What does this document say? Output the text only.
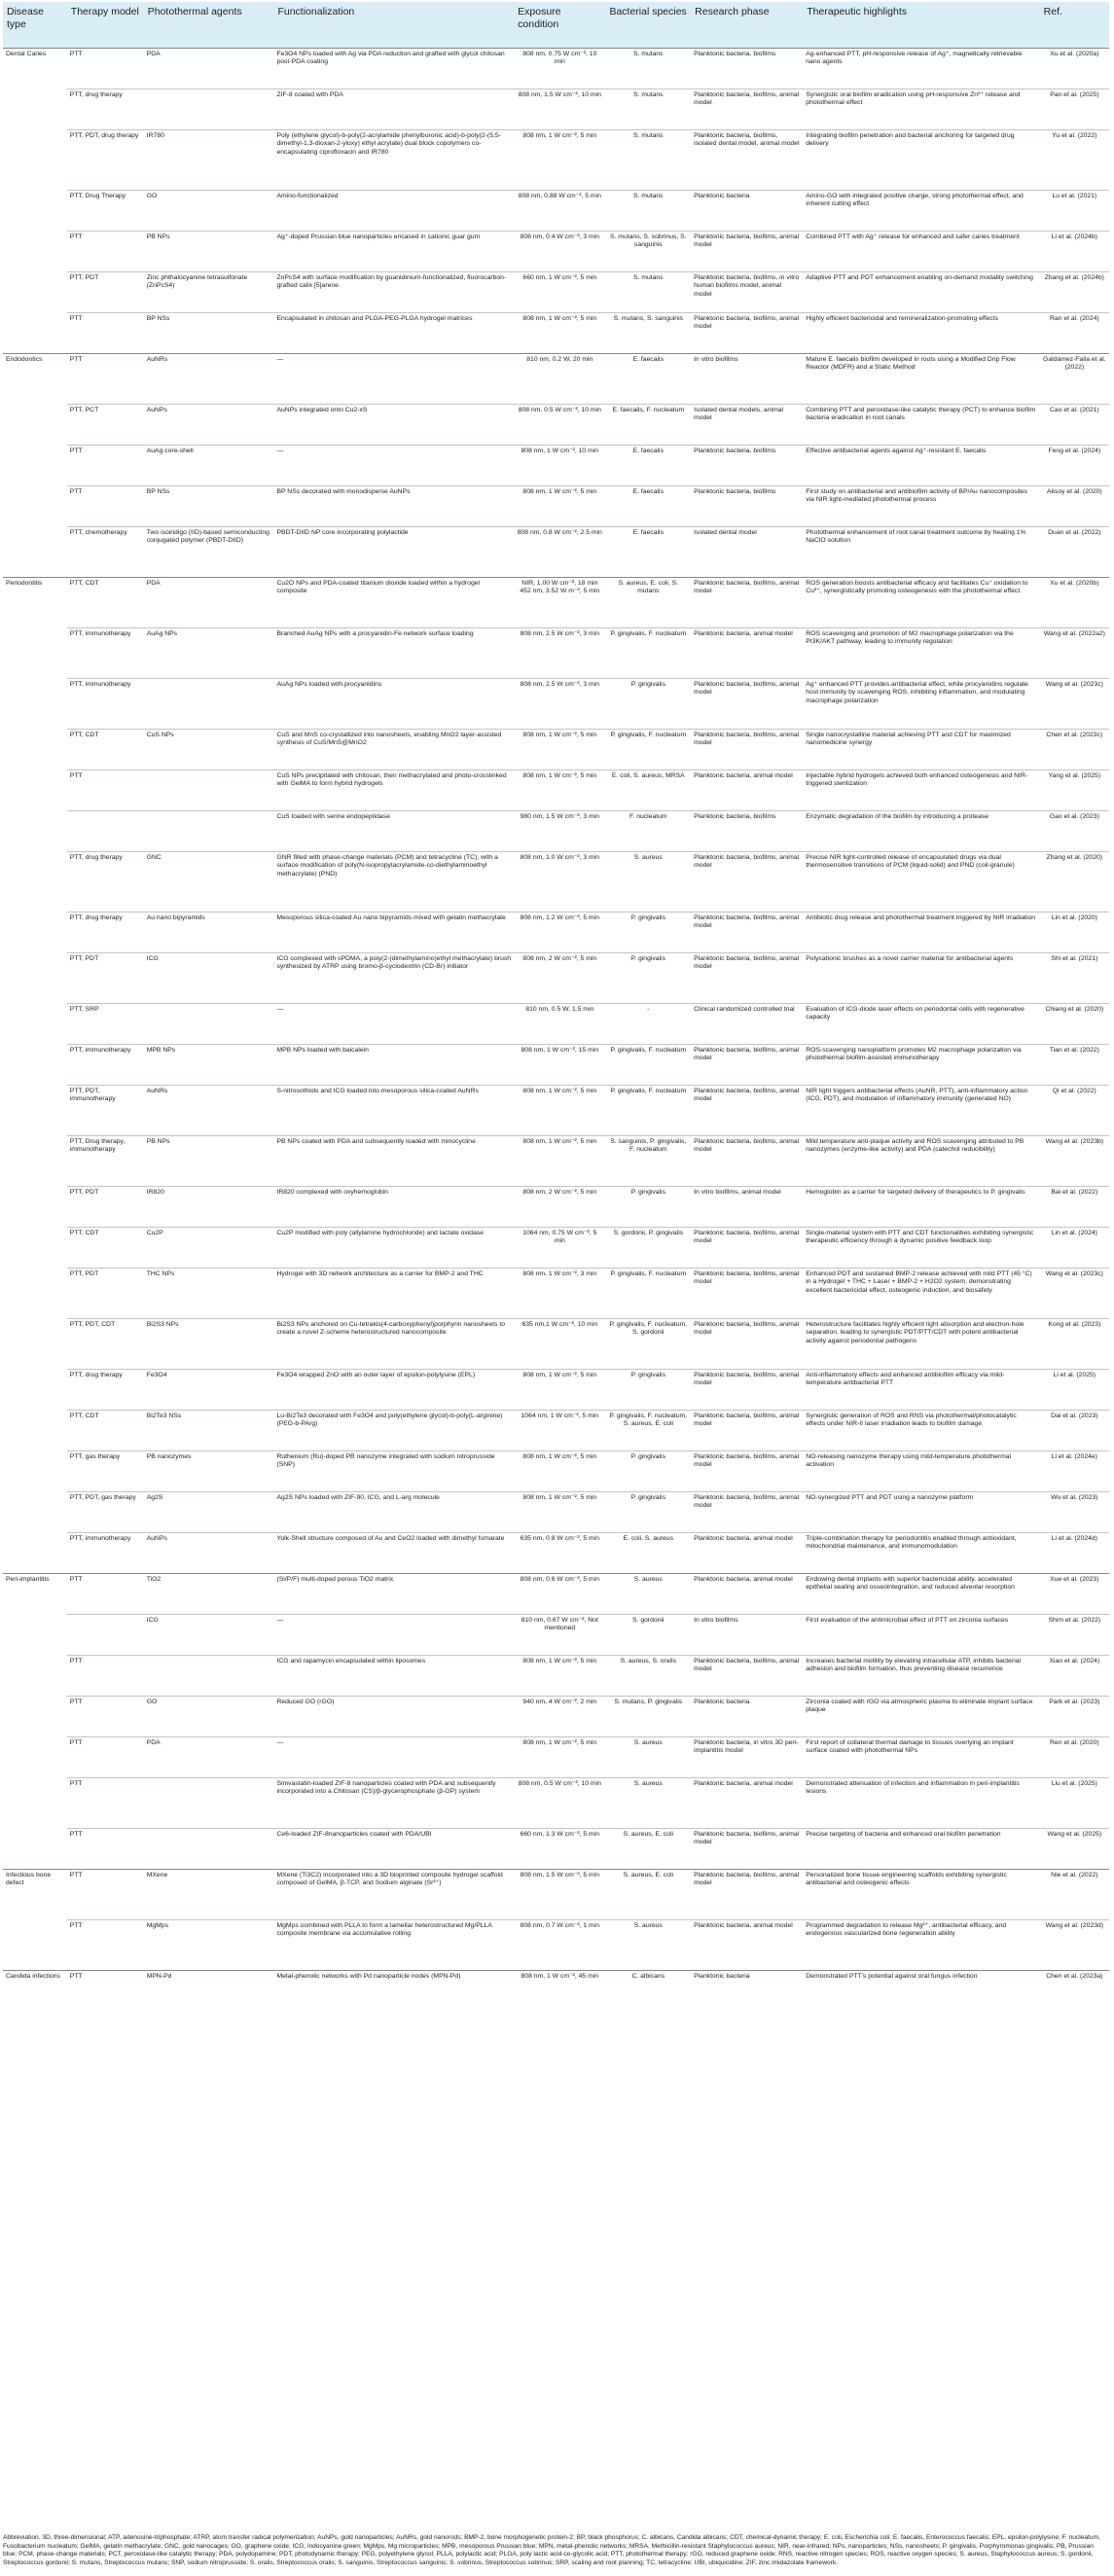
Disease type	Therapy model	Photothermal agents	Functionalization	Exposure condition	Bacterial species	Research phase	Therapeutic highlights	Ref.
Dental Caries	PTT	PDA	Fe3O4 NPs loaded with Ag via PDA reduction and grafted with glycol chitosan post-PDA coating	808 nm, 0.75 W cm⁻², 10 min	S. mutans	Planktonic bacteria, biofilms	Ag-enhanced PTT, pH-responsive release of Ag⁺, magnetically retrievable nano agents	Xu et al. (2020a)
	PTT, drug therapy		ZIF-8 coated with PDA	808 nm, 1.5 W cm⁻², 10 min	S. mutans	Planktonic bacteria, biofilms, animal model	Synergistic oral biofilm eradication using pH-responsive Zn²⁺ release and photothermal effect	Pan et al. (2025)
	PTT, PDT, drug therapy	IR780	Poly (ethylene glycol)-b-poly(2-acrylamide phenylboronic acid)-b-poly(2-(5,5-dimethyl-1,3-dioxan-2-yloxy) ethyl acrylate) dual block copolymers co-encapsulating ciprofloxacin and IR780	808 nm, 1 W cm⁻², 5 min	S. mutans	Planktonic bacteria, biofilms, isolated dental model, animal model	Integrating biofilm penetration and bacterial anchoring for targeted drug delivery	Yu et al. (2022)
	PTT, Drug Therapy	GO	Amino-functionalized	808 nm, 0.88 W cm⁻², 5 min	S. mutans	Planktonic bacteria	Amino-GO with integrated positive charge, strong photothermal effect, and inherent cutting effect	Lu et al. (2021)
	PTT	PB NPs	Ag⁺-doped Prussian blue nanoparticles encased in cationic guar gum	808 nm, 0.4 W cm⁻², 3 min	S. mutans, S. sobrinus, S. sanguinis	Planktonic bacteria, biofilms, animal model	Combined PTT with Ag⁺ release for enhanced and safer caries treatment	Li et al. (2024b)
	PTT, PDT	Zinc phthalocyanine tetrasulfonate (ZnPcS4)	ZnPcS4 with surface modification by guanidinium-functionalized, fluorocarbon-grafted calix [5]arene	660 nm, 1 W cm⁻², 5 min	S. mutans	Planktonic bacteria, biofilms, in vitro human biofilms model, animal model	Adaptive PTT and PDT enhancement enabling on-demand modality switching	Zhang et al. (2024b)
	PTT	BP NSs	Encapsulated in chitosan and PLGA-PEG-PLGA hydrogel matrices	808 nm, 1 W cm⁻², 5 min	S. mutans, S. sanguinis	Planktonic bacteria, biofilms, animal model	Highly efficient bactericidal and remineralization-promoting effects	Ran et al. (2024)
Endodontics	PTT	AuNRs	—	810 nm, 0.2 W, 20 min	E. faecalis	In vitro biofilms	Mature E. faecalis biofilm developed in roots using a Modified Drip Flow Reactor (MDFR) and a Static Method	Galdámez-Falla et al. (2022)
	PTT, PCT	AuNPs	AuNPs integrated onto Cu2-xS	808 nm, 0.5 W cm⁻², 10 min	E. faecalis, F. nucleatum	Isolated dental models, animal model	Combining PTT and peroxidase-like catalytic therapy (PCT) to enhance biofilm bacteria eradication in root canals	Cao et al. (2021)
	PTT	AuAg core-shell	—	808 nm, 1 W cm⁻², 10 min	E. faecalis	Planktonic bacteria, biofilms	Effective antibacterial agents against Ag⁺-resistant E. faecalis	Feng et al. (2024)
	PTT	BP NSs	BP NSs decorated with monodisperse AuNPs	808 nm, 1 W cm⁻², 5 min	E. faecalis	Planktonic bacteria, biofilms	First study on antibacterial and antibiofilm activity of BP/Au nanocomposites via NIR light-mediated photothermal process	Aksoy et al. (2020)
	PTT, chemotherapy	Two isoindigo (IID)-based semiconducting conjugated polymer (PBDT-DIID)	PBDT-DIID NP core incorporating polylactide	808 nm, 0.8 W cm⁻², 2.5 min	E. faecalis	Isolated dental model	Photothermal enhancement of root canal treatment outcome by heating 1% NaClO solution	Duan et al. (2022)
Periodontitis	PTT, CDT	PDA	Cu2O NPs and PDA-coated titanium dioxide loaded within a hydrogel composite	NIR, 1.00 W cm⁻², 18 min 452 nm, 3.52 W m⁻², 5 min	S. aureus, E. coli, S. mutans	Planktonic bacteria, biofilms, animal model	ROS generation boosts antibacterial efficacy and facilitates Cu⁺ oxidation to Cu²⁺, synergistically promoting osteogenesis with the photothermal effect	Xu et al. (2020b)
	PTT, immunotherapy	AuAg NPs	Branched AuAg NPs with a procyanidin-Fe network surface loading	808 nm, 2.5 W cm⁻², 3 min	P. gingivalis, F. nucleatum	Planktonic bacteria, animal model	ROS scavenging and promotion of M2 macrophage polarization via the PI3K/AKT pathway, leading to immunity regulation	Wang et al. (2022a2)
	PTT, immunotherapy		AuAg NPs loaded with procyanidins	808 nm, 2.5 W cm⁻², 3 min	P. gingivalis	Planktonic bacteria, biofilms, animal model	Ag⁺ enhanced PTT provides antibacterial effect, while procyanidins regulate host immunity by scavenging ROS, inhibiting inflammation, and modulating macrophage polarization	Wang et al. (2023c)
	PTT, CDT	CuS NPs	CuS and MnS co-crystallized into nanosheets, enabling MnO2 layer-assisted synthesis of CuS/MnS@MnO2	808 nm, 1 W cm⁻², 5 min	P. gingivalis, F. nucleatum	Planktonic bacteria, biofilms, animal model	Single nanocrystalline material achieving PTT and CDT for maximized nanomedicine synergy	Chen et al. (2023c)
	PTT		CuS NPs precipitated with chitosan, then methacrylated and photo-crosslinked with GelMA to form hybrid hydrogels	808 nm, 1 W cm⁻², 5 min	E. coli, S. aureus, MRSA	Planktonic bacteria, animal model	Injectable hybrid hydrogels achieved both enhanced osteogenesis and NIR-triggered sterilization	Yang et al. (2025)
			CuS loaded with serine endopeptidase	980 nm, 1.5 W cm⁻², 3 min	F. nucleatum	Planktonic bacteria, biofilms	Enzymatic degradation of the biofilm by introducing a protease	Gao et al. (2023)
	PTT, drug therapy	GNC	GNR filled with phase-change materials (PCM) and tetracycline (TC), with a surface modification of poly(N-isopropylacrylamide-co-diethylaminoethyl methacrylate) (PND)	808 nm, 1.0 W cm⁻², 3 min	S. aureus	Planktonic bacteria, biofilms, animal model	Precise NIR light-controlled release of encapsulated drugs via dual thermosensitive transitions of PCM (liquid-solid) and PND (coil-granule)	Zhang et al. (2020)
	PTT, drug therapy	Au nano bipyramids	Mesoporous silica-coated Au nano bipyramids mixed with gelatin methacrylate	808 nm, 1.2 W cm⁻², 5 min	P. gingivalis	Planktonic bacteria, biofilms, animal model	Antibiotic drug release and photothermal treatment triggered by NIR irradiation	Lin et al. (2020)
	PTT, PDT	ICG	ICG complexed with sPDMA, a poly(2-(dimethylamino)ethyl methacrylate) brush synthesized by ATRP using bromo-β-cyclodextrin (CD-Br) initiator	808 nm, 2 W cm⁻², 5 min	P. gingivalis	Planktonic bacteria, biofilms, animal model	Polycationic brushes as a novel carrier material for antibacterial agents	Shi et al. (2021)
	PTT, SRP		—	810 nm, 0.5 W, 1.5 min	-	Clinical randomized controlled trial	Evaluation of ICG-diode laser effects on periodontal cells with regenerative capacity	Chiang et al. (2020)
	PTT, immunotherapy	MPB NPs	MPB NPs loaded with baicalein	808 nm, 1 W cm⁻², 15 min	P. gingivalis, F. nucleatum	Planktonic bacteria, biofilms, animal model	ROS-scavenging nanoplatform promotes M2 macrophage polarization via photothermal biofilm-assisted immunotherapy	Tian et al. (2022)
	PTT, PDT, immunotherapy	AuNRs	S-nitrosothiols and ICG loaded into mesoporous silica-coated AuNRs	808 nm, 1 W cm⁻², 5 min	P. gingivalis, F. nucleatum	Planktonic bacteria, biofilms, animal model	NIR light triggers antibacterial effects (AuNR, PTT), anti-inflammatory action (ICG, PDT), and modulation of inflammatory immunity (generated NO)	Qi et al. (2022)
	PTT, Drug therapy, immunotherapy	PB NPs	PB NPs coated with PDA and subsequently loaded with minocycline	808 nm, 1 W cm⁻², 5 min	S. sanguinis, P. gingivalis, F. nucleatum	Planktonic bacteria, biofilms, animal model	Mild temperature anti-plaque activity and ROS scavenging attributed to PB nanozymes (enzyme-like activity) and PDA (catechol reducibility)	Wang et al. (2023b)
	PTT, PDT	IR820	IR820 complexed with oxyhemoglobin	808 nm, 2 W cm⁻², 5 min	P. gingivalis	In vitro biofilms, animal model	Hemoglobin as a carrier for targeted delivery of therapeutics to P. gingivalis	Bai et al. (2022)
	PTT, CDT	Cu2P	Cu2P modified with poly (allylamine hydrochloride) and lactate oxidase	1064 nm, 0.75 W cm⁻², 5 min	S. gordonii, P. gingivalis	Planktonic bacteria, biofilms, animal model	Single-material system with PTT and CDT functionalities exhibiting synergistic therapeutic efficiency through a dynamic positive feedback loop	Lin et al. (2024)
	PTT, PDT	THC NPs	Hydrogel with 3D network architecture as a carrier for BMP-2 and THC	808 nm, 1 W cm⁻², 3 min	P. gingivalis, F. nucleatum	Planktonic bacteria, biofilms, animal model	Enhanced PDT and sustained BMP-2 release achieved with mild PTT (45 °C) in a Hydrogel + THC + Laser + BMP-2 + H2O2 system, demonstrating excellent bactericidal effect, osteogenic induction, and biosafety	Wang et al. (2023c)
	PTT, PDT, CDT	Bi2S3 NPs	Bi2S3 NPs anchored on Cu-tetrakis(4-carboxyphenyl)porphyrin nanosheets to create a novel Z-scheme heterostructured nanocomposite	635 nm,1 W cm⁻², 10 min	P. gingivalis, F. nucleatum, S. gordonii	Planktonic bacteria, biofilms, animal model	Heterostructure facilitates highly efficient light absorption and electron-hole separation, leading to synergistic PDT/PTT/CDT with potent antibacterial activity against periodontal pathogens	Kong et al. (2023)
	PTT, drug therapy	Fe3O4	Fe3O4 wrapped ZnO with an outer layer of epsilon-polylysine (EPL)	808 nm, 1 W cm⁻², 5 min	P. gingivalis	Planktonic bacteria, biofilms, animal model	Anti-inflammatory effects and enhanced antibiofilm efficacy via mild-temperature antibacterial PTT	Li et al. (2025)
	PTT, CDT	Bi2Te3 NSs	Lu-Bi2Te3 decorated with Fe3O4 and poly(ethylene glycol)-b-poly(L-arginine) (PEG-b-PArg)	1064 nm, 1 W cm⁻², 5 min	P. gingivalis, F. nucleatum, S. aureus, E. coli	Planktonic bacteria, biofilms, animal model	Synergistic generation of ROS and RNS via photothermal/photocatalytic effects under NIR-II laser irradiation leads to biofilm damage	Dai et al. (2023)
	PTT, gas therapy	PB nanozymes	Ruthenium (Ru)-doped PB nanozyme integrated with sodium nitroprusside (SNP)	808 nm, 1 W cm⁻², 5 min	P. gingivalis	Planktonic bacteria, biofilms, animal model	NO-releasing nanozyme therapy using mild-temperature photothermal activation	Li et al. (2024e)
	PTT, PDT, gas therapy	Ag2S	Ag2S NPs loaded with ZIF-90, ICG, and L-arg molecule	808 nm, 1 W cm⁻², 5 min	P. gingivalis	Planktonic bacteria, biofilms, animal model	NO-synergized PTT and PDT using a nanozyme platform	Wu et al. (2023)
	PTT, immunotherapy	AuNPs	Yolk-Shell structure composed of Au and CeO2 loaded with dimethyl fumarate	635 nm, 0.8 W cm⁻², 5 min	E. coli, S. aureus	Planktonic bacteria, animal model	Triple-combination therapy for periodontitis enabled through antioxidant, mitochondrial maintenance, and immunomodulation	Li et al. (2024d)
Peri-implantitis	PTT	TiO2	(Si/P/F) multi-doped porous TiO2 matrix	808 nm, 0.6 W cm⁻², 5 min	S. aureus	Planktonic bacteria, animal model	Endowing dental implants with superior bactericidal ability, accelerated epithelial sealing and osseointegration, and reduced alveolar resorption	Xue et al. (2023)
		ICG	—	810 nm, 0.67 W cm⁻², Not mentioned	S. gordonii	In vitro biofilms	First evaluation of the antimicrobial effect of PTT on zirconia surfaces	Shim et al. (2022)
	PTT		ICG and rapamycin encapsulated within liposomes	808 nm, 1 W cm⁻², 5 min	S. aureus, S. oralis	Planktonic bacteria, biofilms, animal model	Increases bacterial motility by elevating intracellular ATP, inhibits bacterial adhesion and biofilm formation, thus preventing disease recurrence	Xiao et al. (2024)
	PTT	GO	Reduced GO (rGO)	940 nm, 4 W cm⁻², 2 min	S. mutans, P. gingivalis	Planktonic bacteria	Zirconia coated with rGO via atmospheric plasma to eliminate implant surface plaque	Park et al. (2023)
	PTT	PDA	—	808 nm, 1 W cm⁻², 5 min	S. aureus	Planktonic bacteria, in vitro 3D peri-implantitis model	First report of collateral thermal damage to tissues overlying an implant surface coated with photothermal NPs	Ren et al. (2020)
	PTT		Simvastatin-loaded ZIF-8 nanoparticles coated with PDA and subsequently incorporated into a Chitosan (CS)/β-glycerophosphate (β-GP) system	808 nm, 0.5 W cm⁻², 10 min	S. aureus	Planktonic bacteria, animal model	Demonstrated attenuation of infection and inflammation in peri-implantitis lesions	Liu et al. (2025)
	PTT		Ce6-loaded ZIF-8nanoparticles coated with PDA/UBI	660 nm, 1.3 W cm⁻², 5 min	S. aureus, E. coli	Planktonic bacteria, biofilms, animal model	Precise targeting of bacteria and enhanced oral biofilm penetration	Wang et al. (2025)
Infectious bone defect	PTT	MXene	MXene (Ti3C2) incorporated into a 3D bioprinted composite hydrogel scaffold composed of GelMA, β-TCP, and Sodium alginate (Sr²⁺)	808 nm, 1.5 W cm⁻², 5 min	S. aureus, E. coli	Planktonic bacteria, biofilms, animal model	Personalized bone tissue engineering scaffolds exhibiting synergistic antibacterial and osteogenic effects	Nie et al. (2022)
	PTT	MgMps	MgMps combined with PLLA to form a lamellar heterostructured Mg/PLLA composite membrane via accumulative rolling	808 nm, 0.7 W cm⁻², 1 min	S. aureus	Planktonic bacteria, animal model	Programmed degradation to release Mg²⁺, antibacterial efficacy, and endogenous vascularized bone regeneration ability	Wang et al. (2023d)
Candida infections	PTT	MPN-Pd	Metal-phenolic networks with Pd nanoparticle nodes (MPN-Pd)	808 nm, 1 W cm⁻², 45 min	C. albicans	Planktonic bacteria	Demonstrated PTT's potential against oral fungus infection	Chen et al. (2023a)
Abbreviation. 3D, three-dimensional; ATP, adenosine-triphosphate; ATRP, atom transfer radical polymerization; AuNPs, gold nanoparticles; AuNRs, gold nanorods; BMP-2, bone morphogenetic protein-2; BP, black phosphorus; C. albicans, Candida albicans; CDT, chemical-dynamic therapy; E. coli, Escherichia coli; E. faecalis, Enterococcus faecalis; EPL, epsilon-polylysine; F. nucleatum, Fusobacterium nucleatum; GelMA, gelatin methacrylate; GNC, gold nanocages; GO, graphene oxide; ICG, indocyanine green; MgMps, Mg microparticles; MPB, mesoporous Prussian blue; MPN, metal-phenolic networks; MRSA, Methicillin-resistant Staphylococcus aureus; NIR, near-infrared; NPs, nanoparticles; NSs, nanosheets; P. gingivalis, Porphyromonas gingivalis; PB, Prussian blue; PCM, phase-change materials; PCT, peroxidase-like catalytic therapy; PDA, polydopamine; PDT, photodynamic therapy; PEG, polyethylene glycol; PLLA, polylactic acid; PLGA, poly lactic acid-co-glycolic acid; PTT, photothermal therapy; rGO, reduced graphene oxide; RNS, reactive nitrogen species; ROS, reactive oxygen species; S. aureus, Staphylococcus aureus; S. gordonii, Streptococcus gordonii; S. mutans, Streptococcus mutans; SNP, sodium nitroprusside; S. oralis, Streptococcus oralis; S. sanguinis, Streptococcus sanguinis; S. sobrinus, Streptococcus sobrinus; SRP, scaling and root planning; TC, tetracycline; UBI, ubiquicidine; ZIF, zinc imidazolate framework.
